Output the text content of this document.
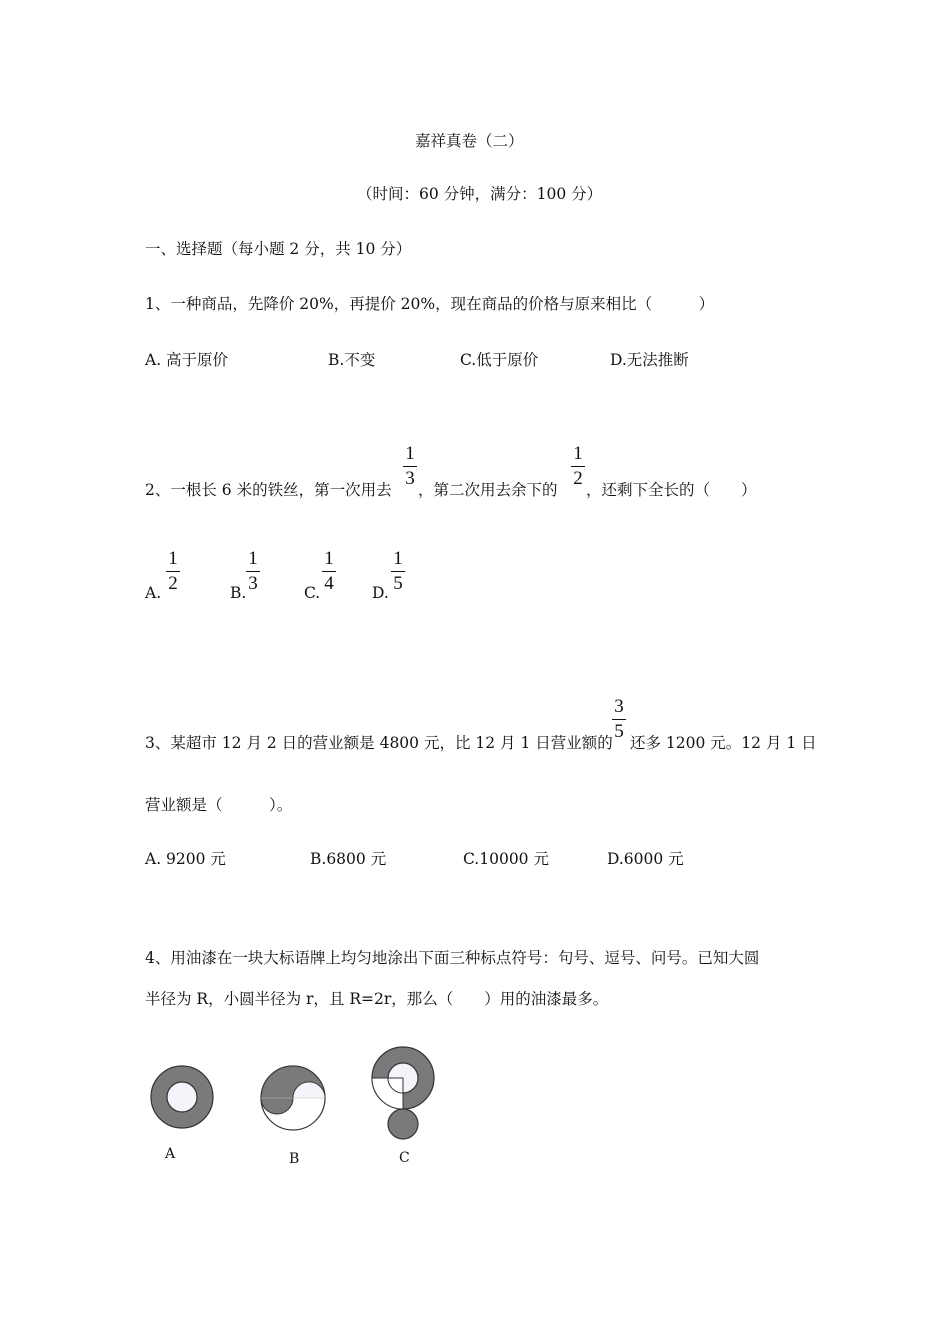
嘉祥真卷（二）
（时间：60 分钟，满分：100 分）
一、选择题（每小题 2 分，共 10 分）
1、一种商品，先降价 20%，再提价 20%，现在商品的价格与原来相比（　　　）
A. 高于原价	B.不变	C.低于原价	D.无法推断
2、一根长 6 米的铁丝，第一次用去
1
3
，第二次用去余下的
1
2
，还剩下全长的（　　）
A.
1
2	B.
1
3	C.
1
4 D.
1
5
3、某超市 12 月 2 日的营业额是 4800 元，比 12 月 1 日营业额的
3
5
还多 1200 元。12 月 1 日
营业额是（　　　）。
A. 9200 元	B.6800 元	C.10000 元	D.6000 元
4、用油漆在一块大标语牌上均匀地涂出下面三种标点符号：句号、逗号、问号。已知大圆
半径为 R，小圆半径为 r，且 R=2r，那么（　　）用的油漆最多。
A	B	C
